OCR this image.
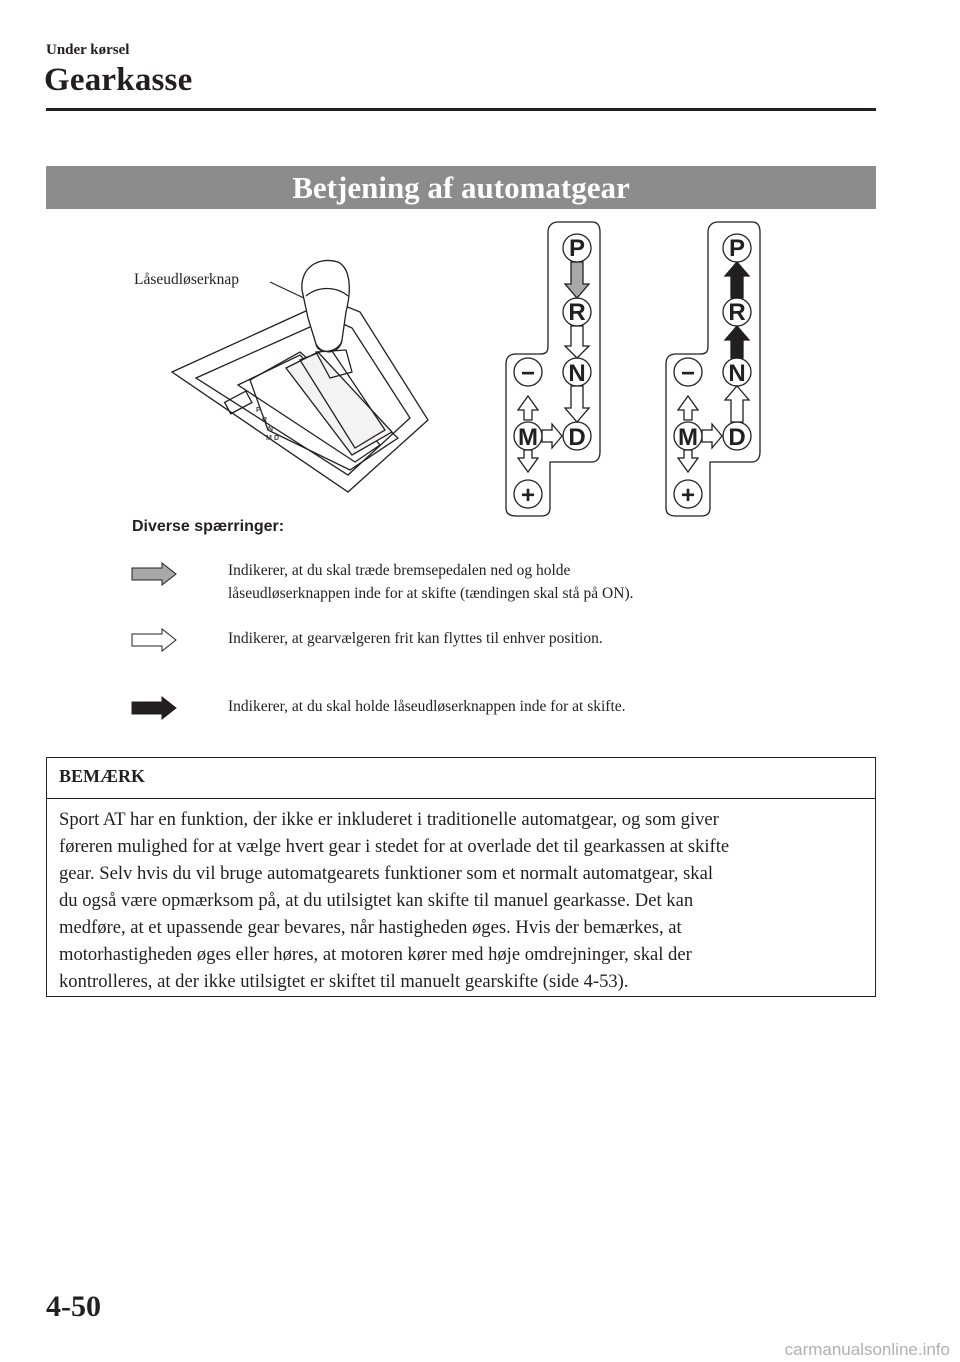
Under kørsel
Gearkasse
Betjening af automatgear
Låseudløserknap
P
R
N
D
M
P
R
N
D
M
−
+
P
R
N
D
M
−
+
Diverse spærringer:
Indikerer, at du skal træde bremsepedalen ned og holde
låseudløserknappen inde for at skifte (tændingen skal stå på ON).
Indikerer, at gearvælgeren frit kan flyttes til enhver position.
Indikerer, at du skal holde låseudløserknappen inde for at skifte.
BEMÆRK
Sport AT har en funktion, der ikke er inkluderet i traditionelle automatgear, og som giver
føreren mulighed for at vælge hvert gear i stedet for at overlade det til gearkassen at skifte
gear. Selv hvis du vil bruge automatgearets funktioner som et normalt automatgear, skal
du også være opmærksom på, at du utilsigtet kan skifte til manuel gearkasse. Det kan
medføre, at et upassende gear bevares, når hastigheden øges. Hvis der bemærkes, at
motorhastigheden øges eller høres, at motoren kører med høje omdrejninger, skal der
kontrolleres, at der ikke utilsigtet er skiftet til manuelt gearskifte (side 4-53).
4-50
carmanualsonline.info
